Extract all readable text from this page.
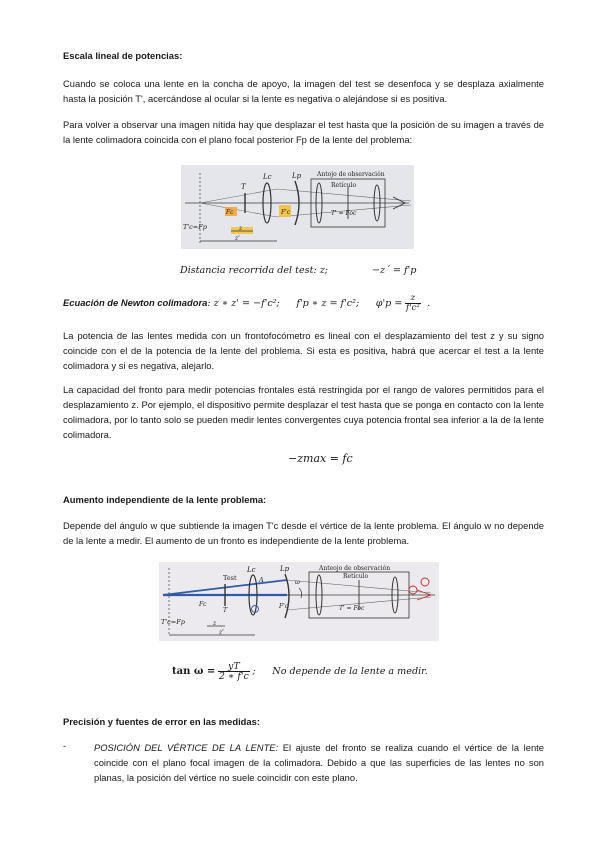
Escala lineal de potencias:
Cuando se coloca una lente en la concha de apoyo, la imagen del test se desenfoca y se desplaza axialmente hasta la posición T', acercándose al ocular si la lente es negativa o alejándose si es positiva.
Para volver a observar una imagen nítida hay que desplazar el test hasta que la posición de su imagen a través de la lente colimadora coincida con el plano focal posterior Fp de la lente del problema:
T
Lc	Lp	Antojo de observación
Retículo
T' = Foc
Fc	F'c
T'c=Fp	z
z'
Distancia recorrida del test: z;	−z´ = f'p
Ecuación de Newton colimadora: z ∗ z' = −f'c²; f'p ∗ z = f'c²; $\varphi'p = \frac{z}{\text{f'c²}}$ .
La potencia de las lentes medida con un frontofocómetro es lineal con el desplazamiento del test z y su signo coincide con el de la potencia de la lente del problema. Si esta es positiva, habrá que acercar el test a la lente colimadora y si es negativa, alejarlo.
La capacidad del fronto para medir potencias frontales está restringida por el rango de valores permitidos para el desplazamiento z. Por ejemplo, el dispositivo permite desplazar el test hasta que se ponga en contacto con la lente colimadora, por lo tanto solo se pueden medir lentes convergentes cuya potencia frontal sea inferior a la de la lente colimadora.
−zmax = fc
Aumento independiente de la lente problema:
Depende del ángulo w que subtiende la imagen T'c desde el vértice de la lente problema. El ángulo w no depende de la lente a medir. El aumento de un fronto es independiente de la lente problema.
Test
Lc	Lp
A	ω
Anteojo de observación
Retículo
T' = Foc
Fc
T
F'c
T'c=Fp	z
z'
$\tan \omega = \frac{yT}{2 ∗ f'c}$ ; No depende de la lente a medir.
Precisión y fuentes de error en las medidas:
-	POSICIÓN DEL VÉRTICE DE LA LENTE: El ajuste del fronto se realiza cuando el vértice de la lente coincide con el plano focal imagen de la colimadora. Debido a que las superficies de las lentes no son planas, la posición del vértice no suele coincidir con este plano.
